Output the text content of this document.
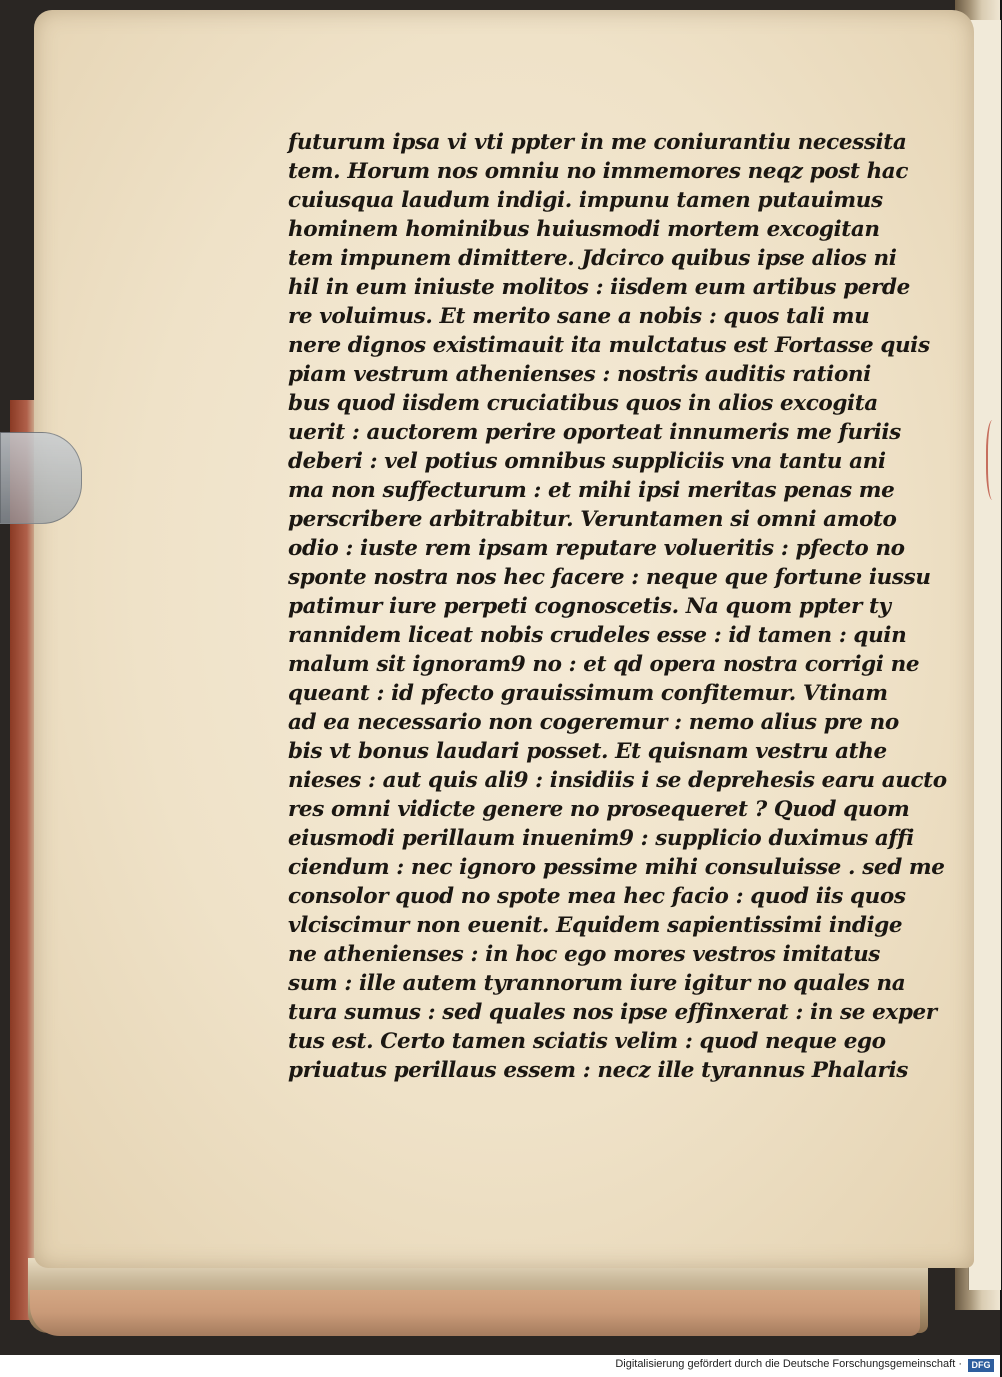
futurum ipsa vi vti ppter in me coniurantiu necessita
tem. Horum nos omniu no immemores neqz post hac
cuiusqua laudum indigi. impunu tamen putauimus
hominem hominibus huiusmodi mortem excogitan
tem impunem dimittere. Jdcirco quibus ipse alios ni
hil in eum iniuste molitos : iisdem eum artibus perde
re voluimus. Et merito sane a nobis : quos tali mu
nere dignos existimauit ita mulctatus est Fortasse quis
piam vestrum athenienses : nostris auditis rationi
bus quod iisdem cruciatibus quos in alios excogita
uerit : auctorem perire oporteat innumeris me furiis
deberi : vel potius omnibus suppliciis vna tantu ani
ma non suffecturum : et mihi ipsi meritas penas me
perscribere arbitrabitur. Veruntamen si omni amoto
odio : iuste rem ipsam reputare volueritis : pfecto no
sponte nostra nos hec facere : neque que fortune iussu
patimur iure perpeti cognoscetis. Na quom ppter ty
rannidem liceat nobis crudeles esse : id tamen : quin
malum sit ignoram9 no : et qd opera nostra corrigi ne
queant : id pfecto grauissimum confitemur. Vtinam
ad ea necessario non cogeremur : nemo alius pre no
bis vt bonus laudari posset. Et quisnam vestru athe
nieses : aut quis ali9 : insidiis i se deprehesis earu aucto
res omni vidicte genere no prosequeret ? Quod quom
eiusmodi perillaum inuenim9 : supplicio duximus affi
ciendum : nec ignoro pessime mihi consuluisse . sed me
consolor quod no spote mea hec facio : quod iis quos
vlciscimur non euenit. Equidem sapientissimi indige
ne athenienses : in hoc ego mores vestros imitatus
sum : ille autem tyrannorum iure igitur no quales na
tura sumus : sed quales nos ipse effinxerat : in se exper
tus est. Certo tamen sciatis velim : quod neque ego
priuatus perillaus essem : necz ille tyrannus Phalaris
Digitalisierung gefördert durch die Deutsche Forschungsgemeinschaft ·	DFG
